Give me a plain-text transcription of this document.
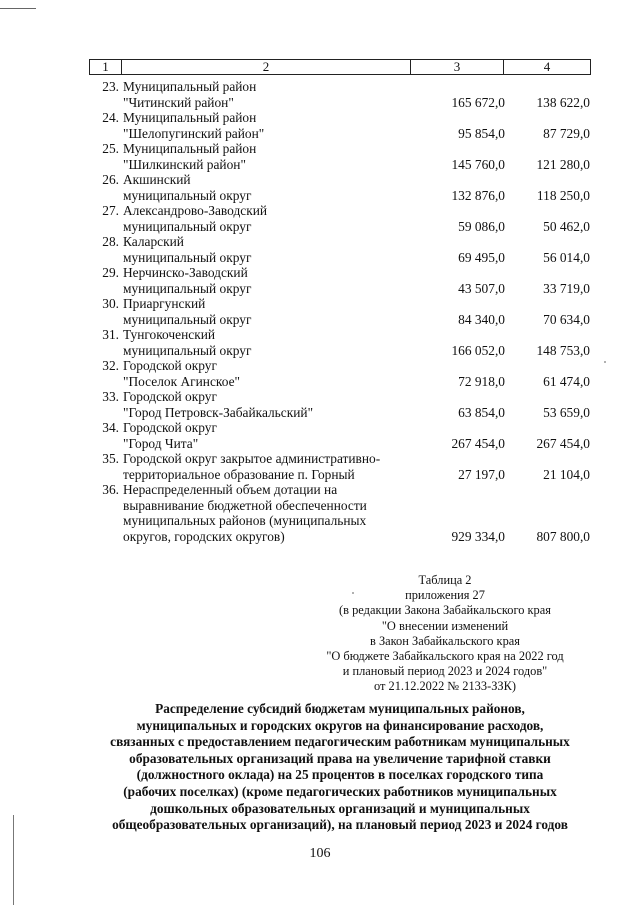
1	2	3	4
23. Муниципальный район
"Читинский район"	165 672,0	138 622,0
24. Муниципальный район
"Шелопугинский район"	95 854,0	87 729,0
25. Муниципальный район
"Шилкинский район"	145 760,0	121 280,0
26. Акшинский
муниципальный округ	132 876,0	118 250,0
27. Александрово-Заводский
муниципальный округ	59 086,0	50 462,0
28. Каларский
муниципальный округ	69 495,0	56 014,0
29. Нерчинско-Заводский
муниципальный округ	43 507,0	33 719,0
30. Приаргунский
муниципальный округ	84 340,0	70 634,0
31. Тунгокоченский
муниципальный округ	166 052,0	148 753,0
32. Городской округ
"Поселок Агинское"	72 918,0	61 474,0
33. Городской округ
"Город Петровск-Забайкальский"	63 854,0	53 659,0
34. Городской округ
"Город Чита"	267 454,0	267 454,0
35. Городской округ закрытое административно-
территориальное образование п. Горный	27 197,0	21 104,0
36. Нераспределенный объем дотации на
выравнивание бюджетной обеспеченности
муниципальных районов (муниципальных
округов, городских округов)	929 334,0	807 800,0
Таблица 2
приложения 27
(в редакции Закона Забайкальского края
"О внесении изменений
в Закон Забайкальского края
"О бюджете Забайкальского края на 2022 год
и плановый период 2023 и 2024 годов"
от 21.12.2022 № 2133-ЗЗК)
Распределение субсидий бюджетам муниципальных районов,
муниципальных и городских округов на финансирование расходов,
связанных с предоставлением педагогическим работникам муниципальных
образовательных организаций права на увеличение тарифной ставки
(должностного оклада) на 25 процентов в поселках городского типа
(рабочих поселках) (кроме педагогических работников муниципальных
дошкольных образовательных организаций и муниципальных
общеобразовательных организаций), на плановый период 2023 и 2024 годов
106
